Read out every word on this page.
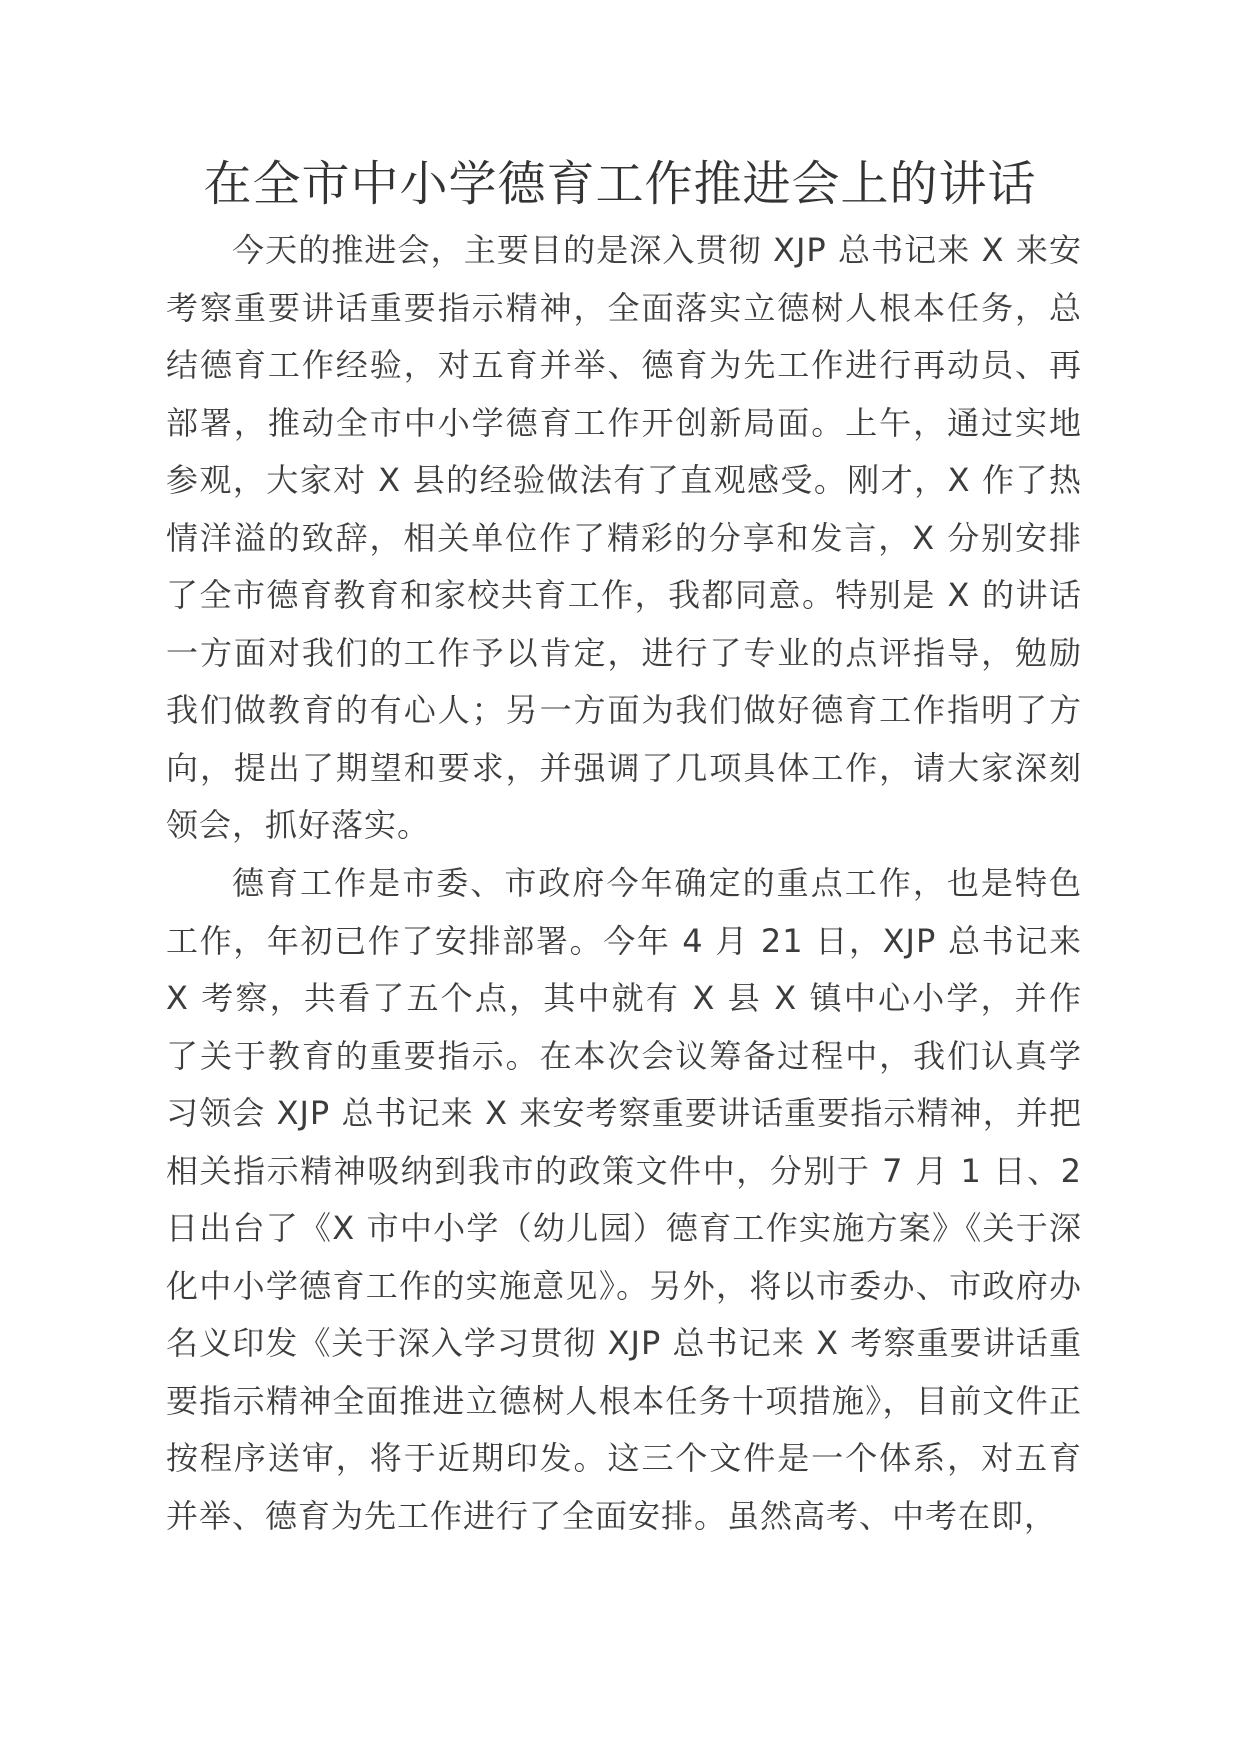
在全市中小学德育工作推进会上的讲话

今天的推进会，主要目的是深入贯彻 XJP 总书记来 X 来安考察重要讲话重要指示精神，全面落实立德树人根本任务，总结德育工作经验，对五育并举、德育为先工作进行再动员、再部署，推动全市中小学德育工作开创新局面。上午，通过实地参观，大家对 X 县的经验做法有了直观感受。刚才，X 作了热情洋溢的致辞，相关单位作了精彩的分享和发言，X 分别安排了全市德育教育和家校共育工作，我都同意。特别是 X 的讲话一方面对我们的工作予以肯定，进行了专业的点评指导，勉励我们做教育的有心人；另一方面为我们做好德育工作指明了方向，提出了期望和要求，并强调了几项具体工作，请大家深刻领会，抓好落实。

德育工作是市委、市政府今年确定的重点工作，也是特色工作，年初已作了安排部署。今年 4 月 21 日，XJP 总书记来 X 考察，共看了五个点，其中就有 X 县 X 镇中心小学，并作了关于教育的重要指示。在本次会议筹备过程中，我们认真学习领会 XJP 总书记来 X 来安考察重要讲话重要指示精神，并把相关指示精神吸纳到我市的政策文件中，分别于 7 月 1 日、2 日出台了《X 市中小学（幼儿园）德育工作实施方案》《关于深化中小学德育工作的实施意见》。另外，将以市委办、市政府办名义印发《关于深入学习贯彻 XJP 总书记来 X 考察重要讲话重要指示精神全面推进立德树人根本任务十项措施》，目前文件正按程序送审，将于近期印发。这三个文件是一个体系，对五育并举、德育为先工作进行了全面安排。虽然高考、中考在即，
